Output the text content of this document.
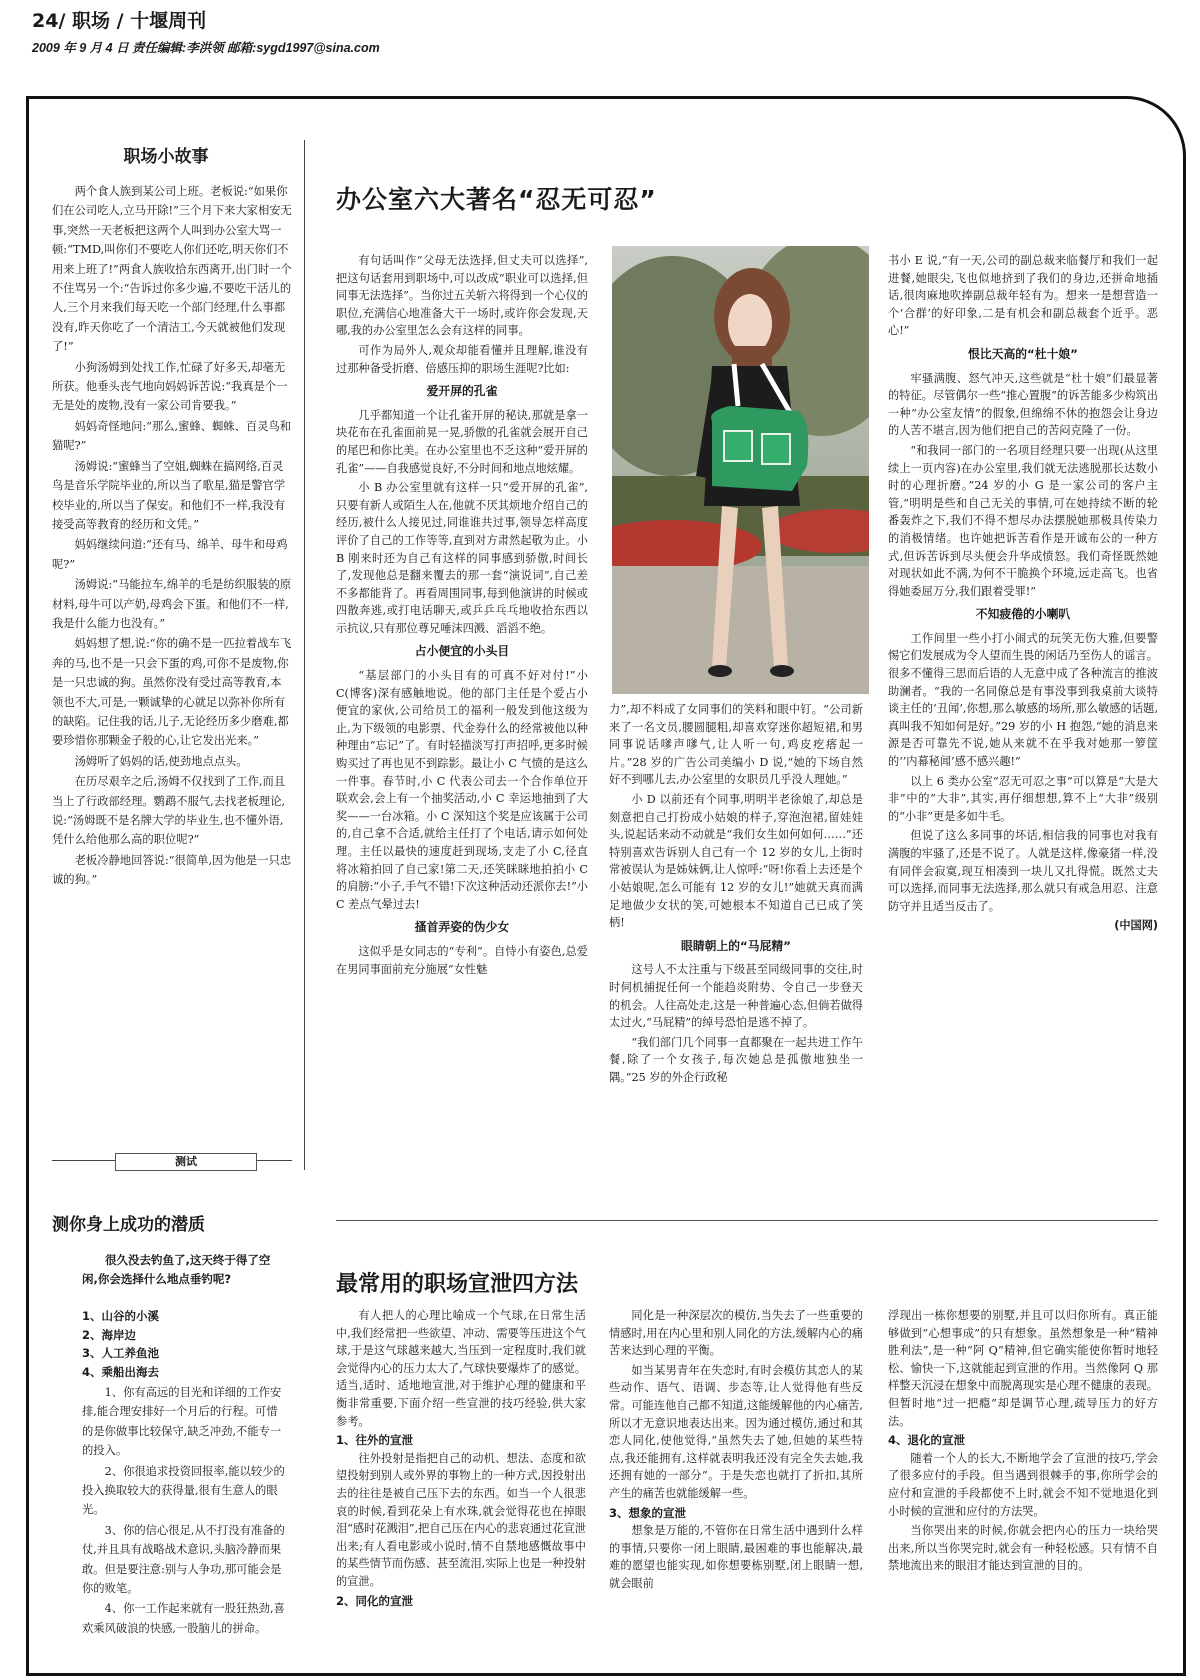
24/ 职场 / 十堰周刊
2009 年 9 月 4 日 责任编辑:李洪领 邮箱:sygd1997@sina.com
职场小故事

两个食人族到某公司上班。老板说:“如果你们在公司吃人,立马开除!”三个月下来大家相安无事,突然一天老板把这两个人叫到办公室大骂一顿:“TMD,叫你们不要吃人你们还吃,明天你们不用来上班了!”两食人族收拾东西离开,出门时一个不住骂另一个:“告诉过你多少遍,不要吃干活儿的人,三个月来我们每天吃一个部门经理,什么事都没有,昨天你吃了一个清洁工,今天就被他们发现了!”

小狗汤姆到处找工作,忙碌了好多天,却毫无所获。他垂头丧气地向妈妈诉苦说:“我真是个一无是处的废物,没有一家公司肯要我。”

妈妈奇怪地问:“那么,蜜蜂、蜘蛛、百灵鸟和猫呢?”

汤姆说:“蜜蜂当了空姐,蜘蛛在搞网络,百灵鸟是音乐学院毕业的,所以当了歌星,猫是警官学校毕业的,所以当了保安。和他们不一样,我没有接受高等教育的经历和文凭。”

妈妈继续问道:“还有马、绵羊、母牛和母鸡呢?”

汤姆说:“马能拉车,绵羊的毛是纺织服装的原材料,母牛可以产奶,母鸡会下蛋。和他们不一样,我是什么能力也没有。”

妈妈想了想,说:“你的确不是一匹拉着战车飞奔的马,也不是一只会下蛋的鸡,可你不是废物,你是一只忠诚的狗。虽然你没有受过高等教育,本领也不大,可是,一颗诚挚的心就足以弥补你所有的缺陷。记住我的话,儿子,无论经历多少磨难,都要珍惜你那颗金子般的心,让它发出光来。”

汤姆听了妈妈的话,使劲地点点头。

在历尽艰辛之后,汤姆不仅找到了工作,而且当上了行政部经理。鹦鹉不服气,去找老板理论,说:“汤姆既不是名牌大学的毕业生,也不懂外语,凭什么给他那么高的职位呢?”

老板冷静地回答说:“很简单,因为他是一只忠诚的狗。”

测试
测你身上成功的潜质

很久没去钓鱼了,这天终于得了空闲,你会选择什么地点垂钓呢?

1、山谷的小溪
2、海岸边
3、人工养鱼池
4、乘船出海去

1、你有高远的目光和详细的工作安排,能合理安排好一个月后的行程。可惜的是你做事比较保守,缺乏冲劲,不能专一的投入。

2、你很追求投资回报率,能以较少的投入换取较大的获得量,很有生意人的眼光。

3、你的信心很足,从不打没有准备的仗,并且具有战略战术意识,头脑冷静而果敢。但是要注意:别与人争功,那可能会是你的败笔。

4、你一工作起来就有一股狂热劲,喜欢乘风破浪的快感,一股脑儿的拼命。

办公室六大著名“忍无可忍”

有句话叫作“父母无法选择,但丈夫可以选择”,把这句话套用到职场中,可以改成“职业可以选择,但同事无法选择”。当你过五关斩六将得到一个心仪的职位,充满信心地准备大干一场时,或许你会发现,天哪,我的办公室里怎么会有这样的同事。

可作为局外人,观众却能看懂并且理解,谁没有过那种备受折磨、倍感压抑的职场生涯呢?比如:

爱开屏的孔雀

几乎都知道一个让孔雀开屏的秘诀,那就是拿一块花布在孔雀面前晃一晃,骄傲的孔雀就会展开自己的尾巴和你比美。在办公室里也不乏这种“爱开屏的孔雀”——自我感觉良好,不分时间和地点地炫耀。

小 B 办公室里就有这样一只“爱开屏的孔雀”,只要有新人或陌生人在,他就不厌其烦地介绍自己的经历,被什么人接见过,同谁谁共过事,领导怎样高度评价了自己的工作等等,直到对方肃然起敬为止。小 B 刚来时还为自己有这样的同事感到骄傲,时间长了,发现他总是翻来覆去的那一套“演说词”,自己差不多都能背了。再看周围同事,每到他演讲的时候或四散奔逃,或打电话聊天,或乒乒乓乓地收拾东西以示抗议,只有那位尊兄唾沫四溅、滔滔不绝。

占小便宜的小头目

“基层部门的小头目有的可真不好对付!”小 C(博客)深有感触地说。他的部门主任是个爱占小便宜的家伙,公司给员工的福利一般发到他这级为止,为下级领的电影票、代金券什么的经常被他以种种理由“忘记”了。有时轻描淡写打声招呼,更多时候购买过了再也见不到踪影。最让小 C 气愤的是这么一件事。春节时,小 C 代表公司去一个合作单位开联欢会,会上有一个抽奖活动,小 C 幸运地抽到了大奖——一台冰箱。小 C 深知这个奖是应该属于公司的,自己拿不合适,就给主任打了个电话,请示如何处理。主任以最快的速度赶到现场,支走了小 C,径直将冰箱拍回了自己家!第二天,还笑眯眯地拍拍小 C 的肩膀:“小子,手气不错!下次这种活动还派你去!”小 C 差点气晕过去!

搔首弄姿的伪少女

这似乎是女同志的“专利”。自恃小有姿色,总爱在男同事面前充分施展“女性魅

力”,却不料成了女同事们的笑料和眼中钉。“公司新来了一名文员,腰圆腿粗,却喜欢穿迷你超短裙,和男同事说话嗲声嗲气,让人听一句,鸡皮疙瘩起一片。”28 岁的广告公司美编小 D 说,“她的下场自然好不到哪儿去,办公室里的女职员几乎没人理她。”

小 D 以前还有个同事,明明半老徐娘了,却总是刻意把自己打扮成小姑娘的样子,穿泡泡裙,留娃娃头,说起话来动不动就是“我们女生如何如何……”还特别喜欢告诉别人自己有一个 12 岁的女儿,上街时常被误认为是姊妹俩,让人惊呼:“呀!你看上去还是个小姑娘呢,怎么可能有 12 岁的女儿!”她就天真而满足地做少女状的笑,可她根本不知道自己已成了笑柄!

眼睛朝上的“马屁精”

这号人不太注重与下级甚至同级同事的交往,时时伺机捕捉任何一个能趋炎附势、令自己一步登天的机会。人往高处走,这是一种普遍心态,但倘若做得太过火,“马屁精”的绰号恐怕是逃不掉了。

“我们部门几个同事一直都聚在一起共进工作午餐,除了一个女孩子,每次她总是孤傲地独坐一隅。”25 岁的外企行政秘

书小 E 说,“有一天,公司的副总裁来临餐厅和我们一起进餐,她眼尖,飞也似地挤到了我们的身边,还拼命地插话,很肉麻地吹捧副总裁年轻有为。想来一是想营造一个‘合群’的好印象,二是有机会和副总裁套个近乎。恶心!”

恨比天高的“杜十娘”

牢骚满腹、怒气冲天,这些就是“杜十娘”们最显著的特征。尽管偶尔一些“推心置腹”的诉苦能多少构筑出一种“办公室友情”的假象,但绵绵不休的抱怨会让身边的人苦不堪言,因为他们把自己的苦闷克隆了一份。

“和我同一部门的一名项目经理只要一出现(从这里续上一页内容)在办公室里,我们就无法逃脱那长达数小时的心理折磨。”24 岁的小 G 是一家公司的客户主管,“明明是些和自己无关的事情,可在她持续不断的轮番轰炸之下,我们不得不想尽办法摆脱她那极具传染力的消极情绪。也许她把诉苦看作是开诚布公的一种方式,但诉苦诉到尽头便会升华成愤怒。我们奇怪既然她对现状如此不满,为何不干脆换个环境,远走高飞。也省得她委屈万分,我们跟着受罪!”

不知疲倦的小喇叭

工作间里一些小打小闹式的玩笑无伤大雅,但要警惕它们发展成为令人望而生畏的闲话乃至伤人的谣言。很多不懂得三思而后语的人无意中成了各种流言的推波助澜者。“我的一名同僚总是有事没事到我桌前大谈特谈主任的‘丑闻’,你想,那么敏感的场所,那么敏感的话题,真叫我不知如何是好。”29 岁的小 H 抱怨,“她的消息来源是否可靠先不说,她从来就不在乎我对她那一箩筐的‘’内幕秘闻’感不感兴趣!”

以上 6 类办公室“忍无可忍之事”可以算是“大是大非”中的“大非”,其实,再仔细想想,算不上“大非”级别的“小非”更是多如牛毛。

但说了这么多同事的坏话,相信我的同事也对我有满腹的牢骚了,还是不说了。人就是这样,像豪猪一样,没有同伴会寂寞,现互相凑到一块儿又扎得慌。既然丈夫可以选择,而同事无法选择,那么就只有戒急用忍、注意防守并且适当反击了。

(中国网)

最常用的职场宣泄四方法

有人把人的心理比喻成一个气球,在日常生活中,我们经常把一些欲望、冲动、需要等压进这个气球,于是这气球越来越大,当压到一定程度时,我们就会觉得内心的压力太大了,气球快要爆炸了的感觉。适当,适时、适地地宣泄,对于维护心理的健康和平衡非常重要,下面介绍一些宣泄的技巧经验,供大家参考。

1、往外的宣泄

往外投射是指把自己的动机、想法、态度和欲望投射到别人或外界的事物上的一种方式,因投射出去的往往是被自己压下去的东西。如当一个人很悲哀的时候,看到花朵上有水珠,就会觉得花也在掉眼泪“感时花溅泪”,把自己压在内心的悲哀通过花宣泄出来;有人看电影或小说时,情不自禁地感慨故事中的某些情节而伤感、甚至流泪,实际上也是一种投射的宣泄。

2、同化的宣泄

同化是一种深层次的模仿,当失去了一些重要的情感时,用在内心里和别人同化的方法,缓解内心的痛苦来达到心理的平衡。

如当某男青年在失恋时,有时会模仿其恋人的某些动作、语气、语调、步态等,让人觉得他有些反常。可能连他自己都不知道,这能缓解他的内心痛苦,所以才无意识地表达出来。因为通过模仿,通过和其恋人同化,使他觉得,“虽然失去了她,但她的某些特点,我还能拥有,这样就表明我还没有完全失去她,我还拥有她的一部分”。于是失恋也就打了折扣,其所产生的痛苦也就能缓解一些。

3、想象的宣泄

想象是万能的,不管你在日常生活中遇到什么样的事情,只要你一闭上眼睛,最困难的事也能解决,最难的愿望也能实现,如你想要栋别墅,闭上眼睛一想,就会眼前

浮现出一栋你想要的别墅,并且可以归你所有。真正能够做到“心想事成”的只有想象。虽然想象是一种“精神胜利法”,是一种“阿 Q”精神,但它确实能使你暂时地轻松、愉快一下,这就能起到宣泄的作用。当然像阿 Q 那样整天沉浸在想象中而脱离现实是心理不健康的表现。但暂时地“过一把瘾”却是调节心理,疏导压力的好方法。

4、退化的宣泄

随着一个人的长大,不断地学会了宣泄的技巧,学会了很多应付的手段。但当遇到很棘手的事,你所学会的应付和宣泄的手段都使不上时,就会不知不觉地退化到小时候的宣泄和应付的方法哭。

当你哭出来的时候,你就会把内心的压力一块给哭出来,所以当你哭完时,就会有一种轻松感。只有情不自禁地流出来的眼泪才能达到宣泄的目的。
